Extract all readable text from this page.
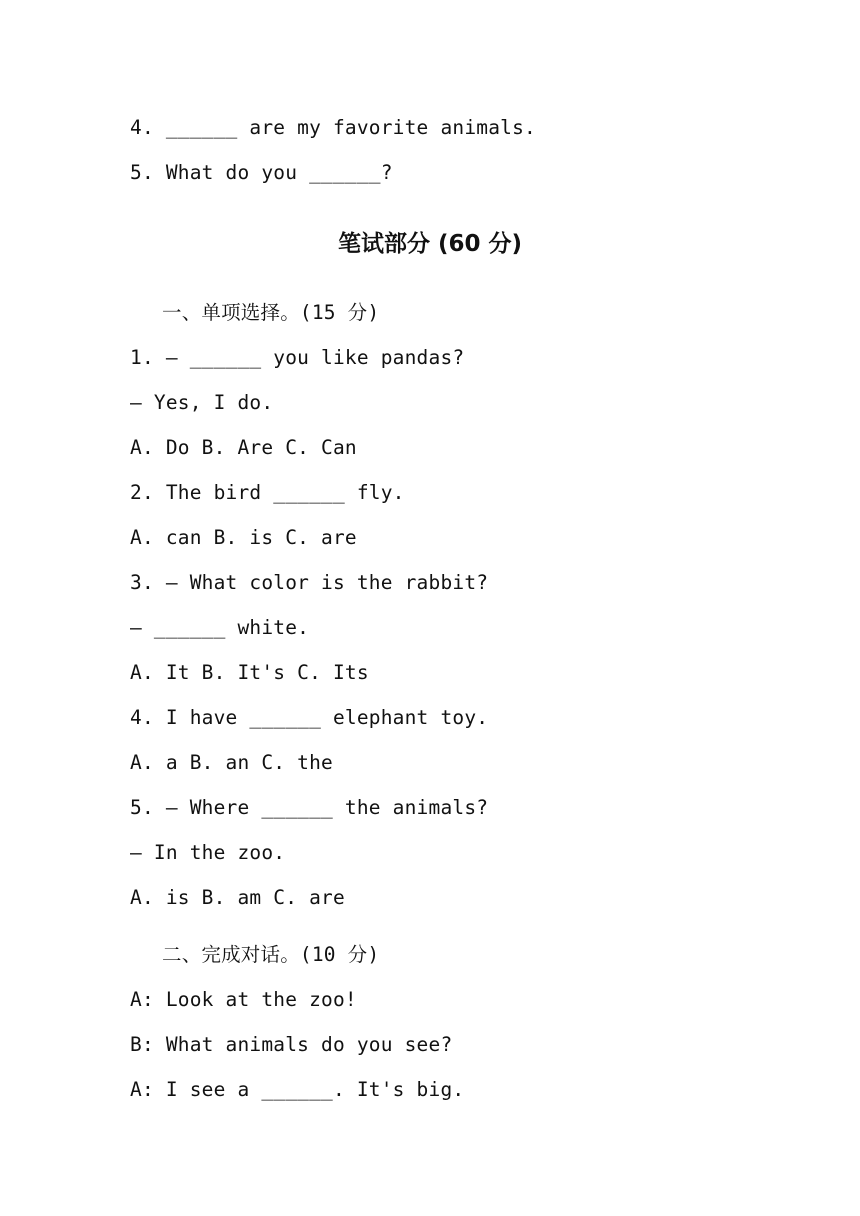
4. ______ are my favorite animals.
5. What do you ______?
笔试部分 (60 分)
一、单项选择。(15 分)
1. — ______ you like pandas?
— Yes, I do.
A. Do B. Are C. Can
2. The bird ______ fly.
A. can B. is C. are
3. — What color is the rabbit?
— ______ white.
A. It B. It's C. Its
4. I have ______ elephant toy.
A. a B. an C. the
5. — Where ______ the animals?
— In the zoo.
A. is B. am C. are
二、完成对话。(10 分)
A: Look at the zoo!
B: What animals do you see?
A: I see a ______. It's big.
